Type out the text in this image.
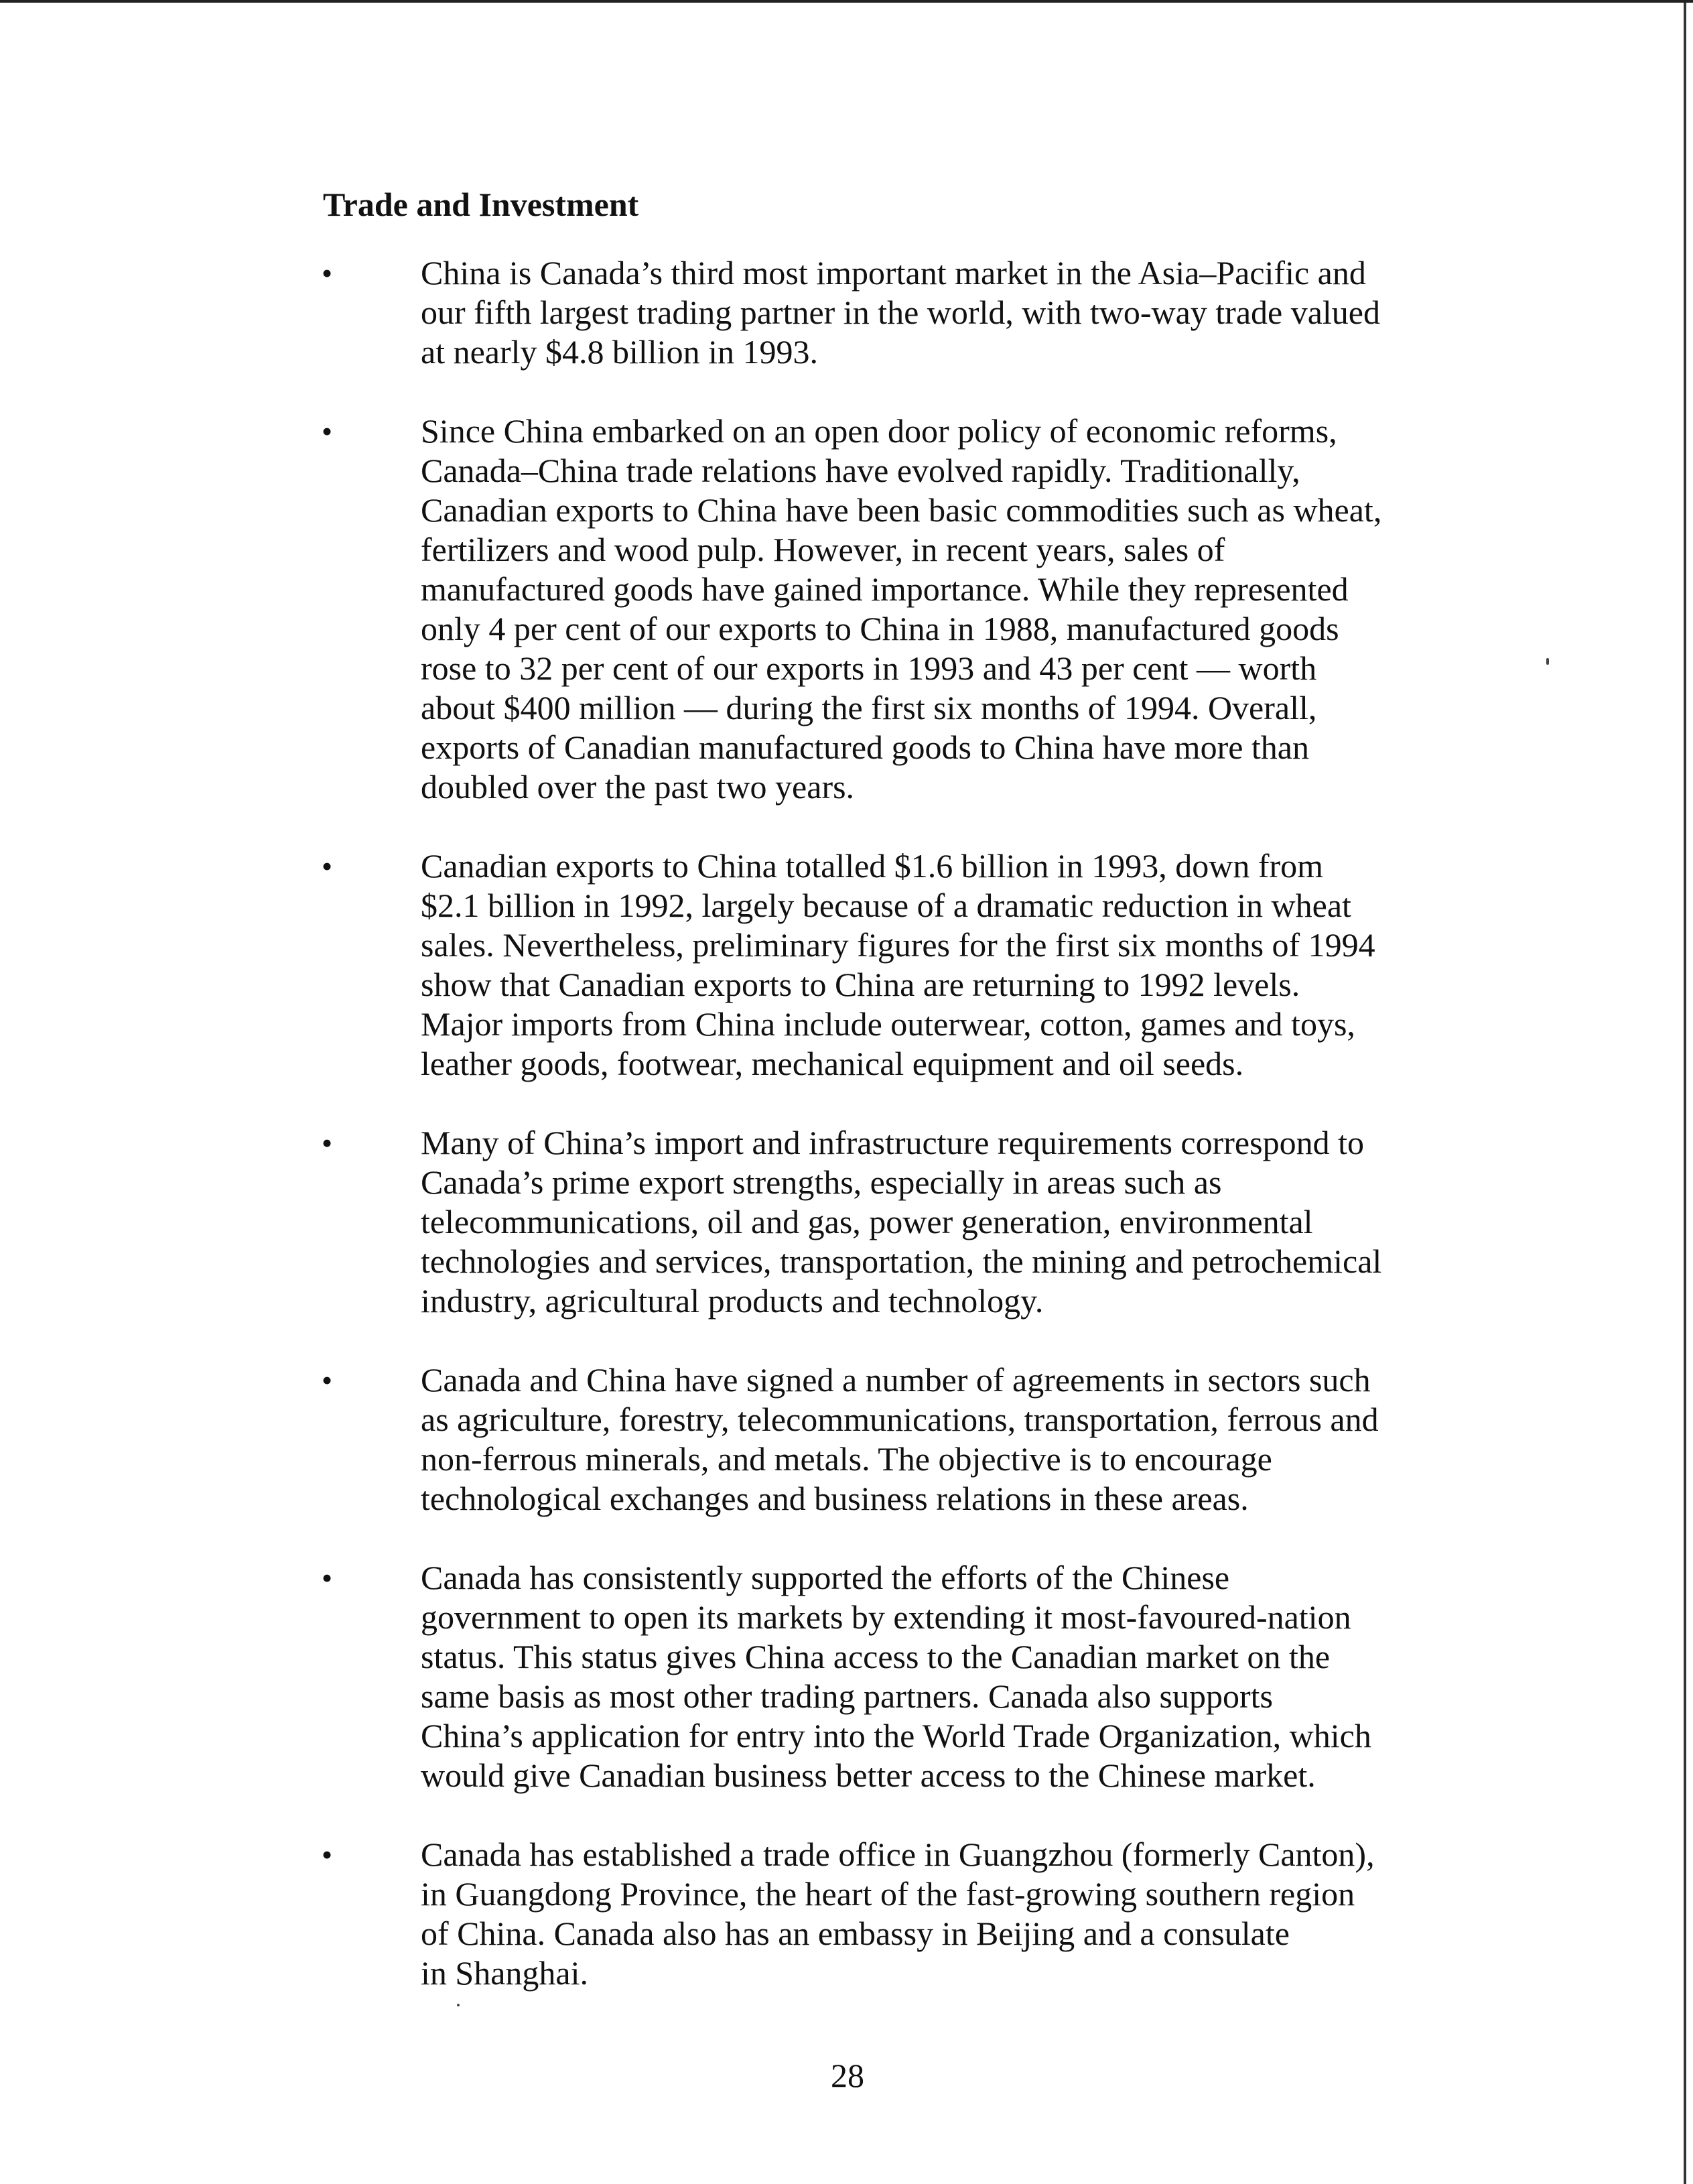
Trade and Investment
•	China is Canada’s third most important market in the Asia–Pacific and
our fifth largest trading partner in the world, with two-way trade valued
at nearly $4.8 billion in 1993.
•	Since China embarked on an open door policy of economic reforms,
Canada–China trade relations have evolved rapidly. Traditionally,
Canadian exports to China have been basic commodities such as wheat,
fertilizers and wood pulp. However, in recent years, sales of
manufactured goods have gained importance. While they represented
only 4 per cent of our exports to China in 1988, manufactured goods
rose to 32 per cent of our exports in 1993 and 43 per cent — worth
about $400 million — during the first six months of 1994. Overall,
exports of Canadian manufactured goods to China have more than
doubled over the past two years.
•	Canadian exports to China totalled $1.6 billion in 1993, down from
$2.1 billion in 1992, largely because of a dramatic reduction in wheat
sales. Nevertheless, preliminary figures for the first six months of 1994
show that Canadian exports to China are returning to 1992 levels.
Major imports from China include outerwear, cotton, games and toys,
leather goods, footwear, mechanical equipment and oil seeds.
•	Many of China’s import and infrastructure requirements correspond to
Canada’s prime export strengths, especially in areas such as
telecommunications, oil and gas, power generation, environmental
technologies and services, transportation, the mining and petrochemical
industry, agricultural products and technology.
•	Canada and China have signed a number of agreements in sectors such
as agriculture, forestry, telecommunications, transportation, ferrous and
non-ferrous minerals, and metals. The objective is to encourage
technological exchanges and business relations in these areas.
•	Canada has consistently supported the efforts of the Chinese
government to open its markets by extending it most-favoured-nation
status. This status gives China access to the Canadian market on the
same basis as most other trading partners. Canada also supports
China’s application for entry into the World Trade Organization, which
would give Canadian business better access to the Chinese market.
•	Canada has established a trade office in Guangzhou (formerly Canton),
in Guangdong Province, the heart of the fast-growing southern region
of China. Canada also has an embassy in Beijing and a consulate
in Shanghai.
28
